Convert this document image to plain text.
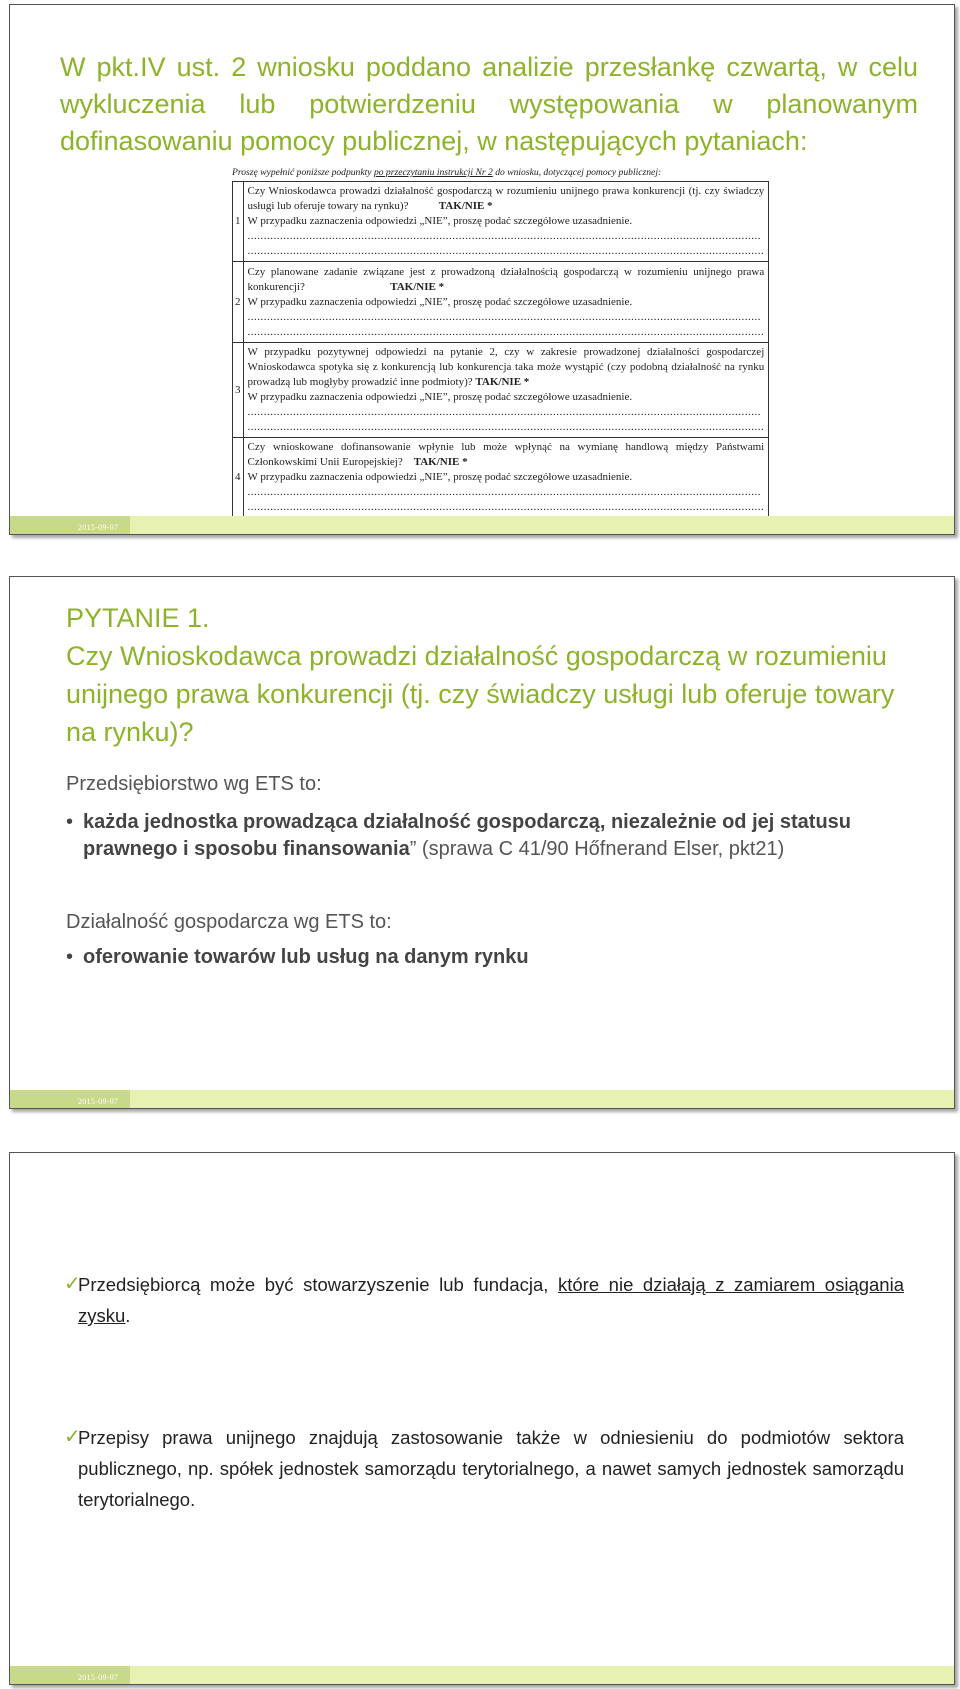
W pkt.IV ust. 2 wniosku poddano analizie przesłankę czwartą, w celu wykluczenia lub potwierdzeniu występowania w planowanym dofinasowaniu pomocy publicznej, w następujących pytaniach:

Proszę wypełnić poniższe podpunkty po przeczytaniu instrukcji Nr 2 do wniosku, dotyczącej pomocy publicznej:
1	Czy Wnioskodawca prowadzi działalność gospodarczą w rozumieniu unijnego prawa konkurencji (tj. czy świadczy usługi lub oferuje towary na rynku)? TAK/NIE *
W przypadku zaznaczenia odpowiedzi „NIE”, proszę podać szczegółowe uzasadnienie.
..............................................................................................................................................................
...............................................................................................................................................................

2	Czy planowane zadanie związane jest z prowadzoną działalnością gospodarczą w rozumieniu unijnego prawa konkurencji? TAK/NIE *
W przypadku zaznaczenia odpowiedzi „NIE”, proszę podać szczegółowe uzasadnienie.
..............................................................................................................................................................
...............................................................................................................................................................

3	W przypadku pozytywnej odpowiedzi na pytanie 2, czy w zakresie prowadzonej działalności gospodarczej Wnioskodawca spotyka się z konkurencją lub konkurencja taka może wystąpić (czy podobną działalność na rynku prowadzą lub mogłyby prowadzić inne podmioty)? TAK/NIE *
W przypadku zaznaczenia odpowiedzi „NIE”, proszę podać szczegółowe uzasadnienie.
..............................................................................................................................................................
...............................................................................................................................................................

4	Czy wnioskowane dofinansowanie wpłynie lub może wpłynąć na wymianę handlową między Państwami Członkowskimi Unii Europejskiej? TAK/NIE *
W przypadku zaznaczenia odpowiedzi „NIE”, proszę podać szczegółowe uzasadnienie.
..............................................................................................................................................................
...............................................................................................................................................................
2015-09-07
PYTANIE 1.
Czy Wnioskodawca prowadzi działalność gospodarczą w rozumieniu unijnego prawa konkurencji (tj. czy świadczy usługi lub oferuje towary na rynku)?
Przedsiębiorstwo wg ETS to:
• każda jednostka prowadząca działalność gospodarczą, niezależnie od jej statusu prawnego i sposobu finansowania” (sprawa C 41/90 Hőfnerand Elser, pkt21)
Działalność gospodarcza wg ETS to:
• oferowanie towarów lub usług na danym rynku
2015-09-07
✓
Przedsiębiorcą może być stowarzyszenie lub fundacja, które nie działają z zamiarem osiągania zysku.
✓
Przepisy prawa unijnego znajdują zastosowanie także w odniesieniu do podmiotów sektora publicznego, np. spółek jednostek samorządu terytorialnego, a nawet samych jednostek samorządu terytorialnego.
2015-09-07
